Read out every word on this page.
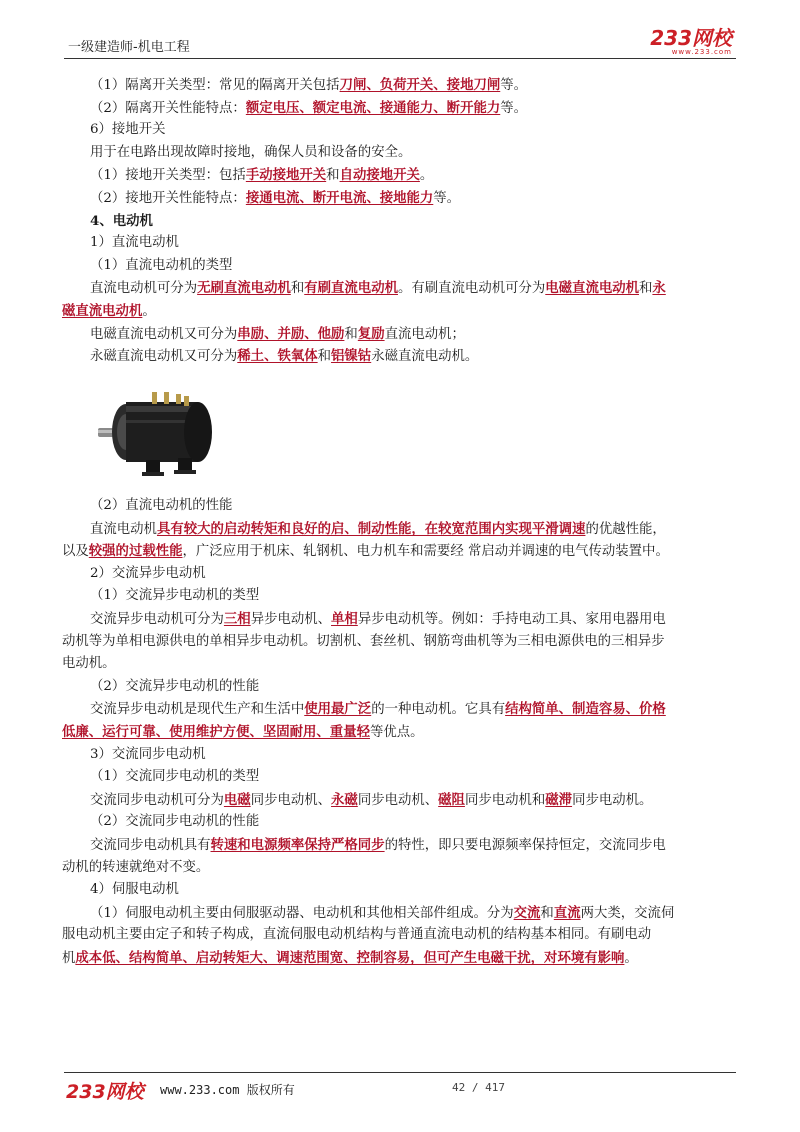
一级建造师-机电工程	233网校
www.233.com
（1）隔离开关类型：常见的隔离开关包括刀闸、负荷开关、接地刀闸等。
（2）隔离开关性能特点：额定电压、额定电流、接通能力、断开能力等。
6）接地开关
用于在电路出现故障时接地，确保人员和设备的安全。
（1）接地开关类型：包括手动接地开关和自动接地开关。
（2）接地开关性能特点：接通电流、断开电流、接地能力等。
4、电动机
1）直流电动机
（1）直流电动机的类型
直流电动机可分为无刷直流电动机和有刷直流电动机。有刷直流电动机可分为电磁直流电动机和永
磁直流电动机。
电磁直流电动机又可分为串励、并励、他励和复励直流电动机；
永磁直流电动机又可分为稀土、铁氧体和铝镍钴永磁直流电动机。
（2）直流电动机的性能
直流电动机具有较大的启动转矩和良好的启、制动性能，在较宽范围内实现平滑调速的优越性能，
以及较强的过载性能，广泛应用于机床、轧钢机、电力机车和需要经 常启动并调速的电气传动装置中。
2）交流异步电动机
（1）交流异步电动机的类型
交流异步电动机可分为三相异步电动机、单相异步电动机等。例如：手持电动工具、家用电器用电
动机等为单相电源供电的单相异步电动机。切割机、套丝机、钢筋弯曲机等为三相电源供电的三相异步
电动机。
（2）交流异步电动机的性能
交流异步电动机是现代生产和生活中使用最广泛的一种电动机。它具有结构简单、制造容易、价格
低廉、运行可靠、使用维护方便、坚固耐用、重量轻等优点。
3）交流同步电动机
（1）交流同步电动机的类型
交流同步电动机可分为电磁同步电动机、永磁同步电动机、磁阻同步电动机和磁滞同步电动机。
（2）交流同步电动机的性能
交流同步电动机具有转速和电源频率保持严格同步的特性，即只要电源频率保持恒定，交流同步电
动机的转速就绝对不变。
4）伺服电动机
（1）伺服电动机主要由伺服驱动器、电动机和其他相关部件组成。分为交流和直流两大类，交流伺
服电动机主要由定子和转子构成，直流伺服电动机结构与普通直流电动机的结构基本相同。有刷电动
机成本低、结构简单、启动转矩大、调速范围宽、控制容易，但可产生电磁干扰，对环境有影响。
233网校 www.233.com 版权所有	42 / 417
